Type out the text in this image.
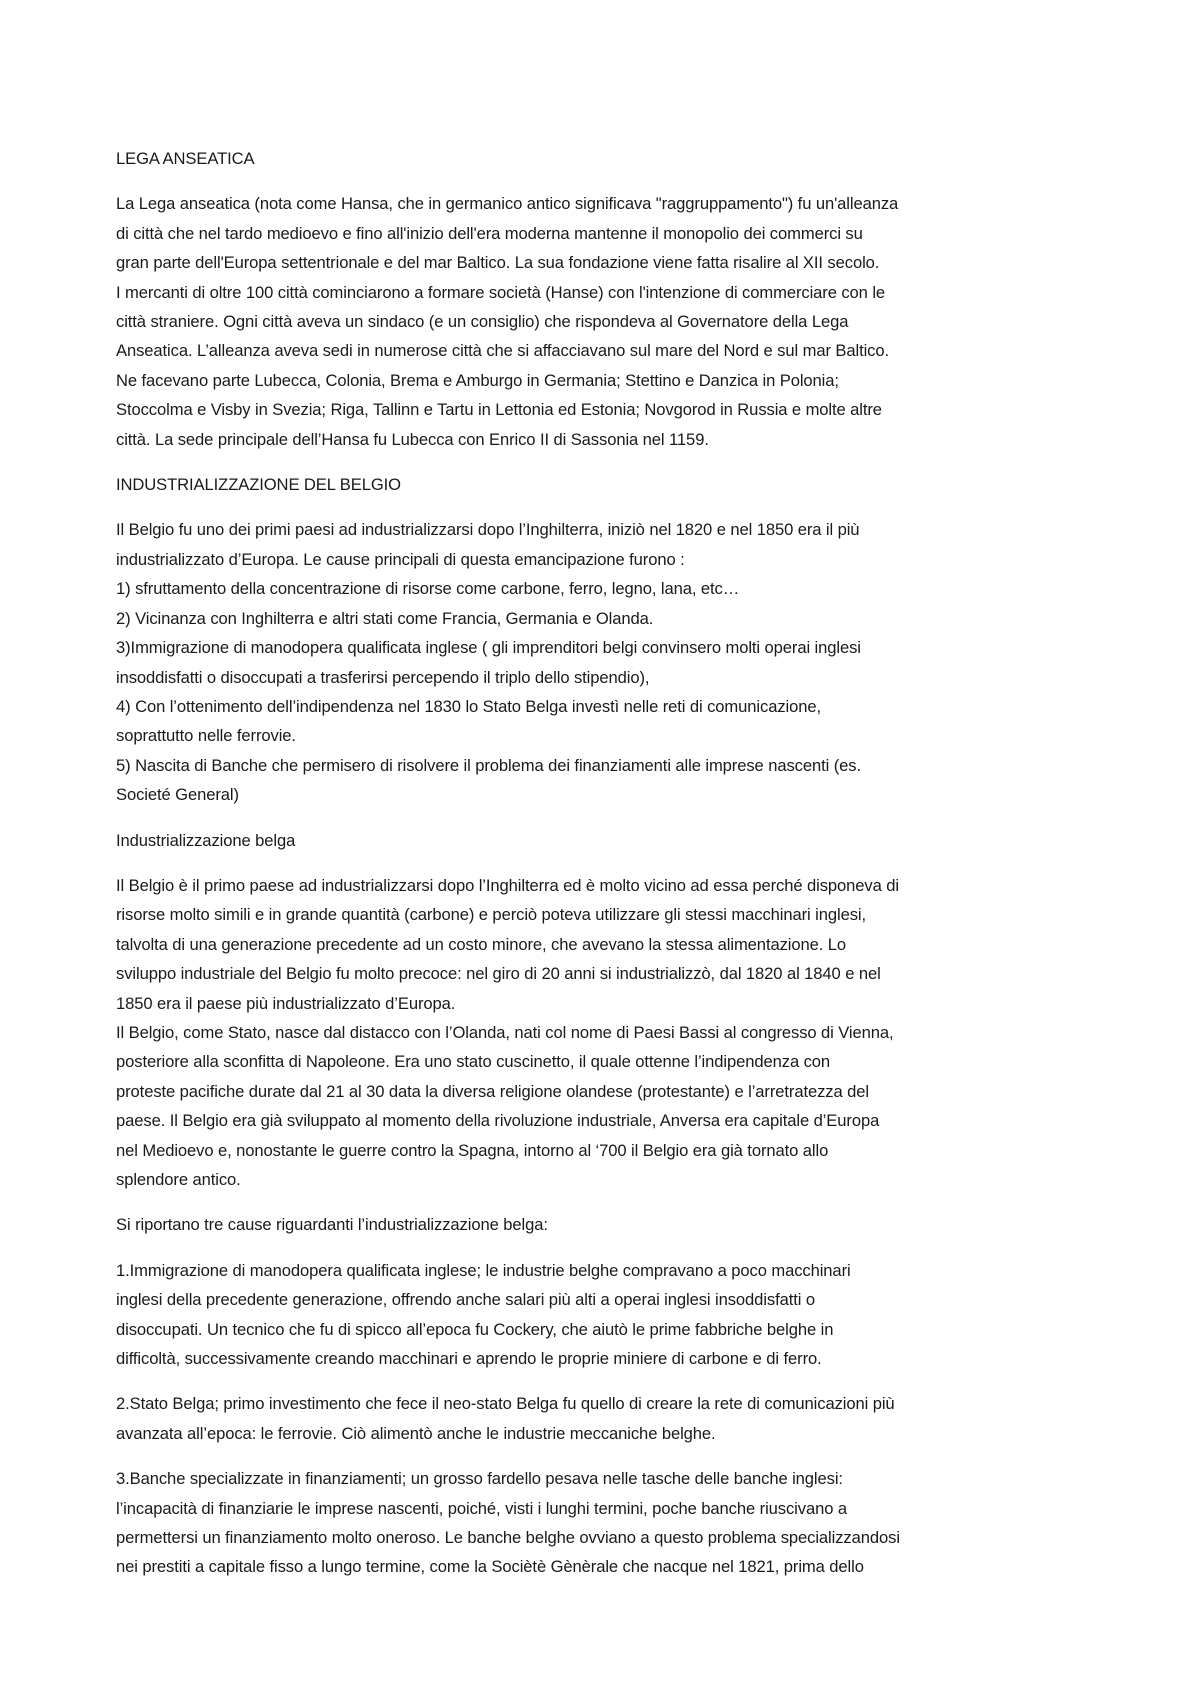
LEGA ANSEATICA
La Lega anseatica (nota come Hansa, che in germanico antico significava "raggruppamento") fu un'alleanza
di città che nel tardo medioevo e fino all'inizio dell'era moderna mantenne il monopolio dei commerci su
gran parte dell'Europa settentrionale e del mar Baltico. La sua fondazione viene fatta risalire al XII secolo.
I mercanti di oltre 100 città cominciarono a formare società (Hanse) con l'intenzione di commerciare con le
città straniere. Ogni città aveva un sindaco (e un consiglio) che rispondeva al Governatore della Lega
Anseatica. L’alleanza aveva sedi in numerose città che si affacciavano sul mare del Nord e sul mar Baltico.
Ne facevano parte Lubecca, Colonia, Brema e Amburgo in Germania; Stettino e Danzica in Polonia;
Stoccolma e Visby in Svezia; Riga, Tallinn e Tartu in Lettonia ed Estonia; Novgorod in Russia e molte altre
città. La sede principale dell’Hansa fu Lubecca con Enrico II di Sassonia nel 1159.
INDUSTRIALIZZAZIONE DEL BELGIO
Il Belgio fu uno dei primi paesi ad industrializzarsi dopo l’Inghilterra, iniziò nel 1820 e nel 1850 era il più
industrializzato d’Europa. Le cause principali di questa emancipazione furono :
1) sfruttamento della concentrazione di risorse come carbone, ferro, legno, lana, etc…
2) Vicinanza con Inghilterra e altri stati come Francia, Germania e Olanda.
3)Immigrazione di manodopera qualificata inglese ( gli imprenditori belgi convinsero molti operai inglesi
insoddisfatti o disoccupati a trasferirsi percependo il triplo dello stipendio),
4) Con l’ottenimento dell’indipendenza nel 1830 lo Stato Belga investì nelle reti di comunicazione,
soprattutto nelle ferrovie.
5) Nascita di Banche che permisero di risolvere il problema dei finanziamenti alle imprese nascenti (es.
Societé General)
Industrializzazione belga
Il Belgio è il primo paese ad industrializzarsi dopo l’Inghilterra ed è molto vicino ad essa perché disponeva di
risorse molto simili e in grande quantità (carbone) e perciò poteva utilizzare gli stessi macchinari inglesi,
talvolta di una generazione precedente ad un costo minore, che avevano la stessa alimentazione. Lo
sviluppo industriale del Belgio fu molto precoce: nel giro di 20 anni si industrializzò, dal 1820 al 1840 e nel
1850 era il paese più industrializzato d’Europa.
Il Belgio, come Stato, nasce dal distacco con l’Olanda, nati col nome di Paesi Bassi al congresso di Vienna,
posteriore alla sconfitta di Napoleone. Era uno stato cuscinetto, il quale ottenne l’indipendenza con
proteste pacifiche durate dal 21 al 30 data la diversa religione olandese (protestante) e l’arretratezza del
paese. Il Belgio era già sviluppato al momento della rivoluzione industriale, Anversa era capitale d’Europa
nel Medioevo e, nonostante le guerre contro la Spagna, intorno al ‘700 il Belgio era già tornato allo
splendore antico.
Si riportano tre cause riguardanti l’industrializzazione belga:
1.Immigrazione di manodopera qualificata inglese; le industrie belghe compravano a poco macchinari
inglesi della precedente generazione, offrendo anche salari più alti a operai inglesi insoddisfatti o
disoccupati. Un tecnico che fu di spicco all’epoca fu Cockery, che aiutò le prime fabbriche belghe in
difficoltà, successivamente creando macchinari e aprendo le proprie miniere di carbone e di ferro.
2.Stato Belga; primo investimento che fece il neo-stato Belga fu quello di creare la rete di comunicazioni più
avanzata all’epoca: le ferrovie. Ciò alimentò anche le industrie meccaniche belghe.
3.Banche specializzate in finanziamenti; un grosso fardello pesava nelle tasche delle banche inglesi:
l’incapacità di finanziarie le imprese nascenti, poiché, visti i lunghi termini, poche banche riuscivano a
permettersi un finanziamento molto oneroso. Le banche belghe ovviano a questo problema specializzandosi
nei prestiti a capitale fisso a lungo termine, come la Sociètè Gènèrale che nacque nel 1821, prima dello
